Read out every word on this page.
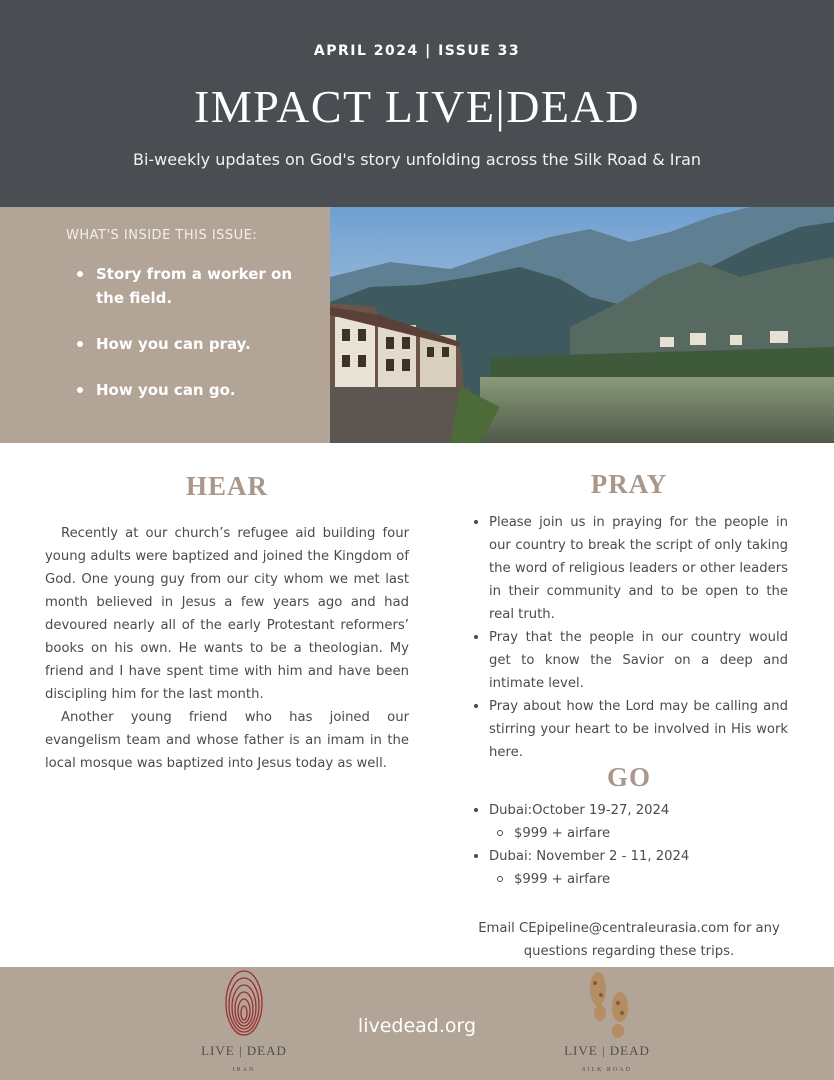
APRIL 2024 | ISSUE 33
IMPACT LIVE|DEAD
Bi-weekly updates on God's story unfolding across the Silk Road & Iran
WHAT'S INSIDE THIS ISSUE:
Story from a worker on the field.
How you can pray.
How you can go.
HEAR

Recently at our church’s refugee aid building four young adults were baptized and joined the Kingdom of God. One young guy from our city whom we met last month believed in Jesus a few years ago and had devoured nearly all of the early Protestant reformers’ books on his own. He wants to be a theologian. My friend and I have spent time with him and have been discipling him for the last month.

Another young friend who has joined our evangelism team and whose father is an imam in the local mosque was baptized into Jesus today as well.

PRAY
Please join us in praying for the people in our country to break the script of only taking the word of religious leaders or other leaders in their community and to be open to the real truth.
Pray that the people in our country would get to know the Savior on a deep and intimate level.
Pray about how the Lord may be calling and stirring your heart to be involved in His work here.
GO
Dubai:October 19-27, 2024
$999 + airfare
Dubai: November 2 - 11, 2024
$999 + airfare
Email CEpipeline@centraleurasia.com for any questions regarding these trips.
LIVE | DEAD
IRAN
livedead.org
LIVE | DEAD
SILK ROAD
